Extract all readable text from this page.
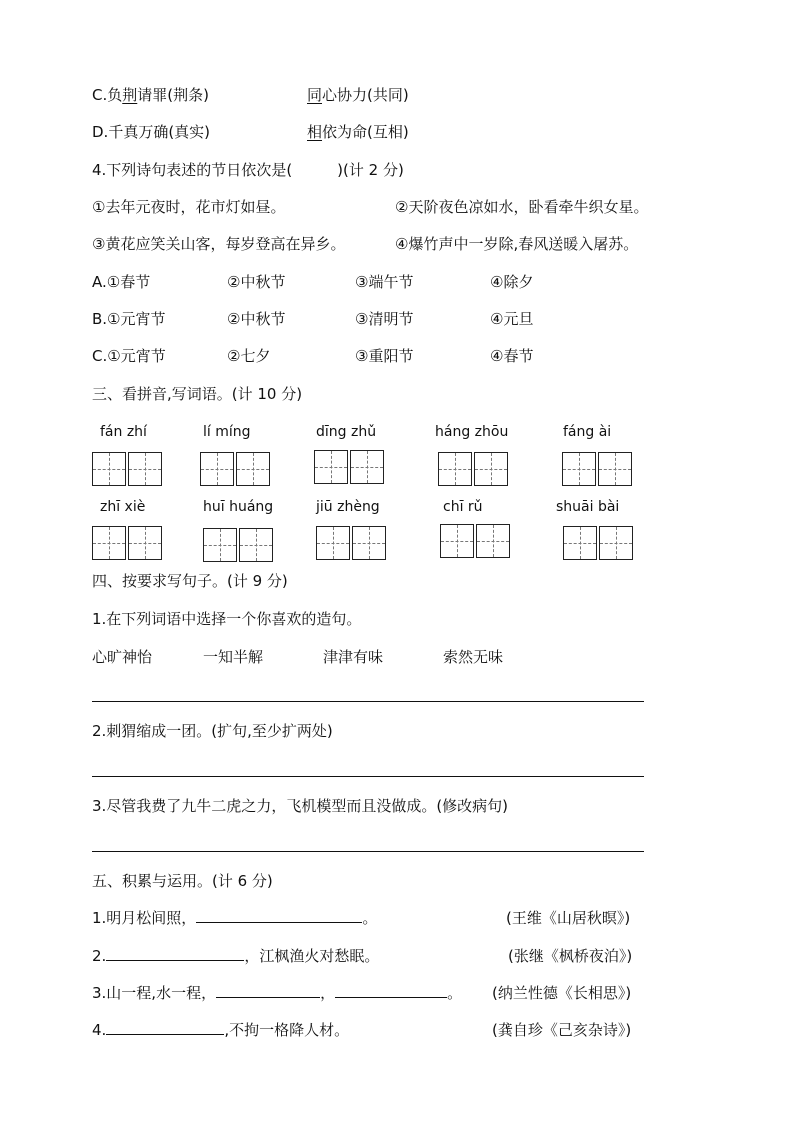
C.负荆请罪(荆条)	同心协力(共同)
D.千真万确(真实)	相依为命(互相)
4.下列诗句表述的节日依次是(　　　)(计 2 分)
①去年元夜时，花市灯如昼。	②天阶夜色凉如水，卧看牵牛织女星。
③黄花应笑关山客，每岁登高在异乡。	④爆竹声中一岁除,春风送暖入屠苏。
A.①春节	②中秋节	③端午节	④除夕
B.①元宵节	②中秋节	③清明节	④元旦
C.①元宵节	②七夕	③重阳节	④春节
三、看拼音,写词语。(计 10 分)
fán zhí	lí míng	dīng zhǔ	háng zhōu	fáng ài
zhī xiè	huī huáng	jiū zhèng	chī rǔ	shuāi bài
四、按要求写句子。(计 9 分)
1.在下列词语中选择一个你喜欢的造句。
心旷神怡	一知半解	津津有味	索然无味
2.刺猬缩成一团。(扩句,至少扩两处)
3.尽管我费了九牛二虎之力，飞机模型而且没做成。(修改病句)
五、积累与运用。(计 6 分)
1.明月松间照，	。	(王维《山居秋暝》)
2.	，江枫渔火对愁眠。	(张继《枫桥夜泊》)
3.山一程,水一程，	，	。 (纳兰性德《长相思》)
4.	,不拘一格降人材。	(龚自珍《己亥杂诗》)
